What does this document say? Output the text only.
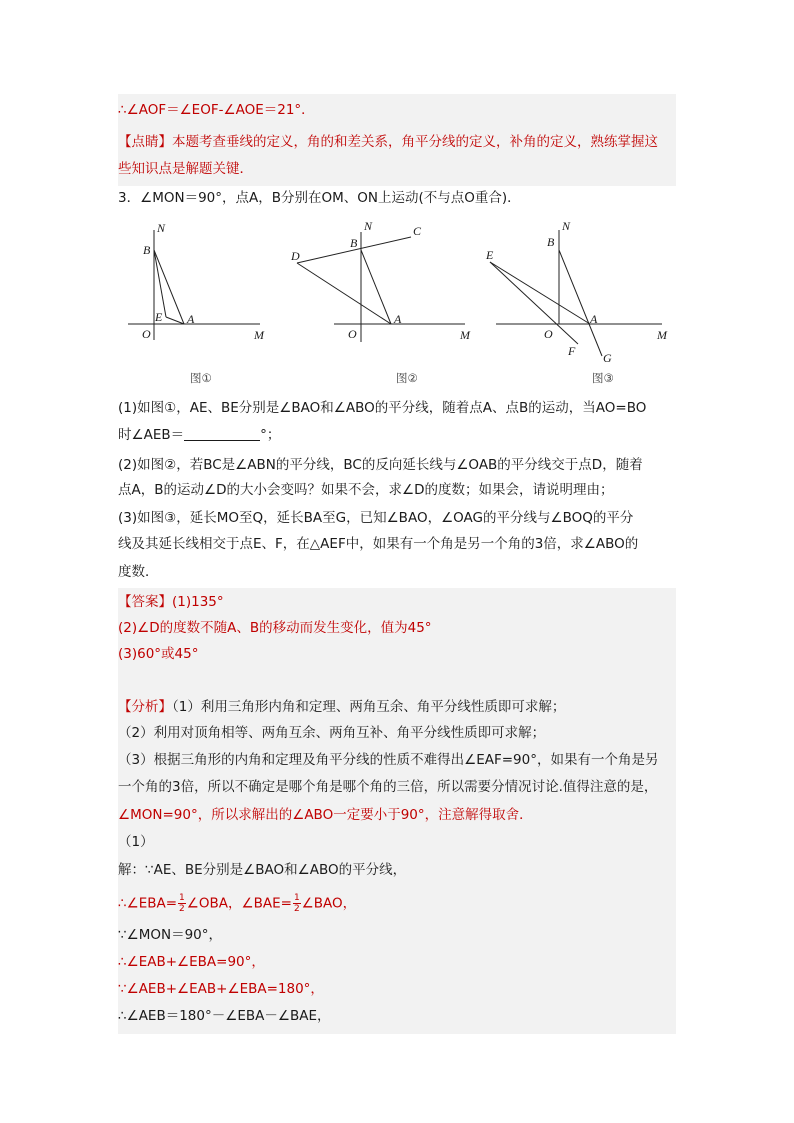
∴∠AOF＝∠EOF-∠AOE＝21°．
【点睛】本题考查垂线的定义，角的和差关系，角平分线的定义，补角的定义，熟练掌握这
些知识点是解题关键．
3．∠MON＝90°，点A，B分别在OM、ON上运动(不与点O重合)．
N
B
E A
O	M
图①
N	C
B
D
A
O	M
图②
N
B
E
A
O
F G
M
图③
(1)如图①，AE、BE分别是∠BAO和∠ABO的平分线，随着点A、点B的运动，当AO=BO
时∠AEB＝	°；
(2)如图②，若BC是∠ABN的平分线，BC的反向延长线与∠OAB的平分线交于点D，随着
点A，B的运动∠D的大小会变吗？如果不会，求∠D的度数；如果会，请说明理由；
(3)如图③，延长MO至Q，延长BA至G，已知∠BAO，∠OAG的平分线与∠BOQ的平分
线及其延长线相交于点E、F，在△AEF中，如果有一个角是另一个角的3倍，求∠ABO的
度数．
【答案】(1)135°
(2)∠D的度数不随A、B的移动而发生变化，值为45°
(3)60°或45°
【分析】（1）利用三角形内角和定理、两角互余、角平分线性质即可求解；
（2）利用对顶角相等、两角互余、两角互补、角平分线性质即可求解；
（3）根据三角形的内角和定理及角平分线的性质不难得出∠EAF=90°，如果有一个角是另
一个角的3倍，所以不确定是哪个角是哪个角的三倍，所以需要分情况讨论.值得注意的是，
∠MON=90°，所以求解出的∠ABO一定要小于90°，注意解得取舍．
（1）
解：∵AE、BE分别是∠BAO和∠ABO的平分线，
∴∠EBA= $\frac{1}{2}$ ∠OBA，∠BAE= $\frac{1}{2}$ ∠BAO，
∵∠MON＝90°，
∴∠EAB+∠EBA=90°，
∵∠AEB+∠EAB+∠EBA=180°，
∴∠AEB＝180°－∠EBA－∠BAE，
